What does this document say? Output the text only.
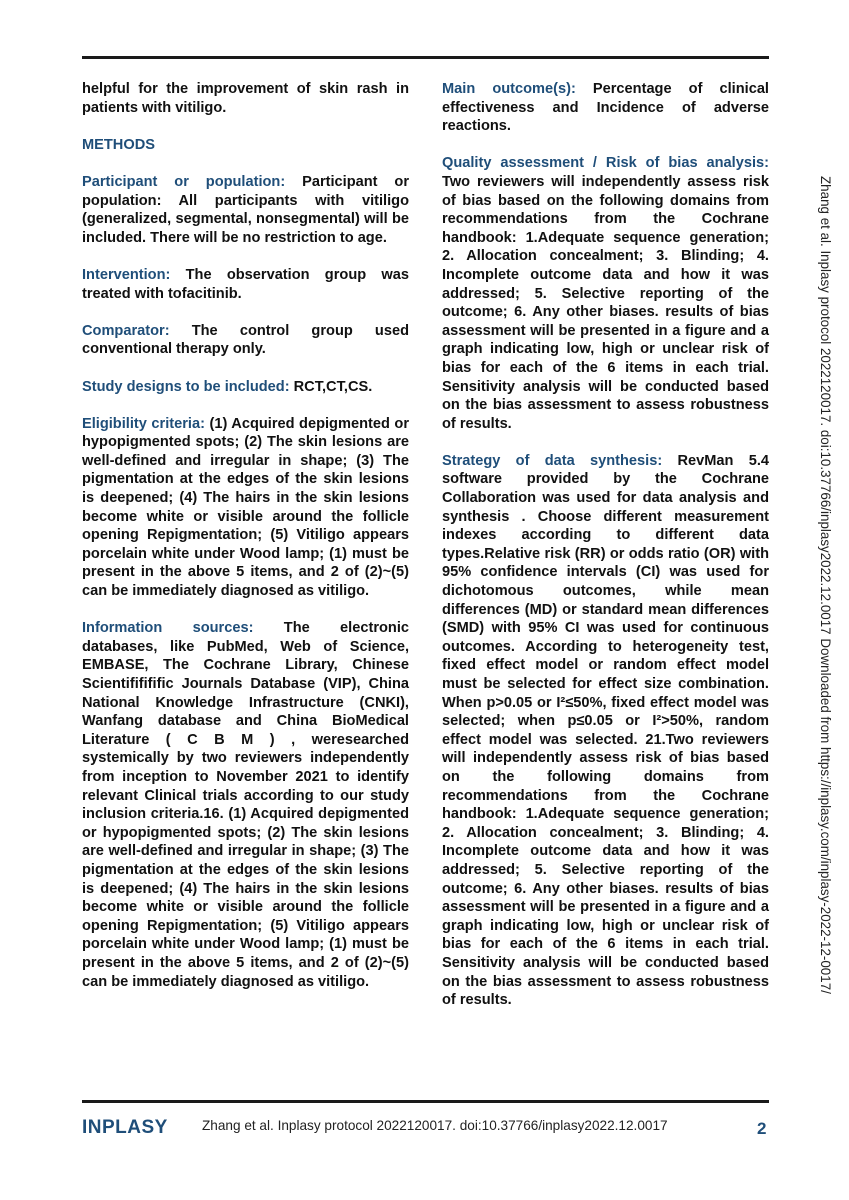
helpful for the improvement of skin rash in patients with vitiligo.

METHODS

Participant or population: Participant or population: All participants with vitiligo (generalized, segmental, nonsegmental) will be included. There will be no restriction to age.

Intervention: The observation group was treated with tofacitinib.

Comparator: The control group used conventional therapy only.

Study designs to be included: RCT,CT,CS.

Eligibility criteria: (1) Acquired depigmented or hypopigmented spots; (2) The skin lesions are well-defined and irregular in shape; (3) The pigmentation at the edges of the skin lesions is deepened; (4) The hairs in the skin lesions become white or visible around the follicle opening Repigmentation; (5) Vitiligo appears porcelain white under Wood lamp; (1) must be present in the above 5 items, and 2 of (2)~(5) can be immediately diagnosed as vitiligo.

Information sources: The electronic databases, like PubMed, Web of Science, EMBASE, The Cochrane Library, Chinese Scientifififific Journals Database (VIP), China National Knowledge Infrastructure (CNKI), Wanfang database and China BioMedical Literature ( C B M ) , weresearched systemically by two reviewers independently from inception to November 2021 to identify relevant Clinical trials according to our study inclusion criteria.16. (1) Acquired depigmented or hypopigmented spots; (2) The skin lesions are well-defined and irregular in shape; (3) The pigmentation at the edges of the skin lesions is deepened; (4) The hairs in the skin lesions become white or visible around the follicle opening Repigmentation; (5) Vitiligo appears porcelain white under Wood lamp; (1) must be present in the above 5 items, and 2 of (2)~(5) can be immediately diagnosed as vitiligo.

Main outcome(s): Percentage of clinical effectiveness and Incidence of adverse reactions.

Quality assessment / Risk of bias analysis: Two reviewers will independently assess risk of bias based on the following domains from recommendations from the Cochrane handbook: 1.Adequate sequence generation; 2. Allocation concealment; 3. Blinding; 4. Incomplete outcome data and how it was addressed; 5. Selective reporting of the outcome; 6. Any other biases. results of bias assessment will be presented in a figure and a graph indicating low, high or unclear risk of bias for each of the 6 items in each trial. Sensitivity analysis will be conducted based on the bias assessment to assess robustness of results.

Strategy of data synthesis: RevMan 5.4 software provided by the Cochrane Collaboration was used for data analysis and synthesis . Choose different measurement indexes according to different data types.Relative risk (RR) or odds ratio (OR) with 95% confidence intervals (CI) was used for dichotomous outcomes, while mean differences (MD) or standard mean differences (SMD) with 95% CI was used for continuous outcomes. According to heterogeneity test, fixed effect model or random effect model must be selected for effect size combination. When p>0.05 or I²≤50%, fixed effect model was selected; when p≤0.05 or I²>50%, random effect model was selected. 21.Two reviewers will independently assess risk of bias based on the following domains from recommendations from the Cochrane handbook: 1.Adequate sequence generation; 2. Allocation concealment; 3. Blinding; 4. Incomplete outcome data and how it was addressed; 5. Selective reporting of the outcome; 6. Any other biases. results of bias assessment will be presented in a figure and a graph indicating low, high or unclear risk of bias for each of the 6 items in each trial. Sensitivity analysis will be conducted based on the bias assessment to assess robustness of results.

Zhang et al. Inplasy protocol 2022120017. doi:10.37766/inplasy2022.12.0017 Downloaded from https://inplasy.com/inplasy-2022-12-0017/
INPLASY	Zhang et al. Inplasy protocol 2022120017. doi:10.37766/inplasy2022.12.0017	2
